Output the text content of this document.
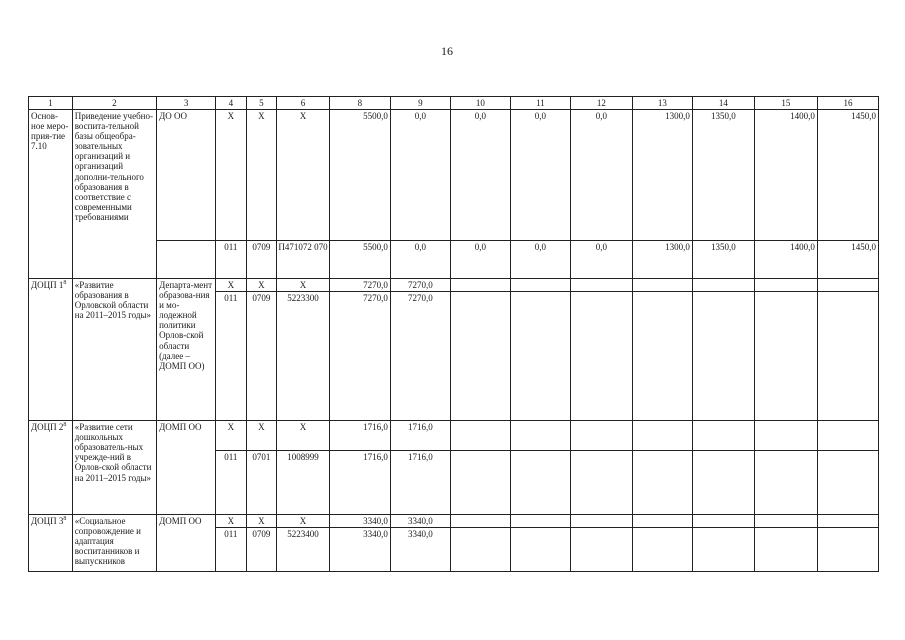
16
1	2	3	4	5	6	8	9	10	11	12	13	14	15	16
Основ-ное меро-прия-тие 7.10	Приведение учебно-воспита-тельной базы общеобра-зовательных организаций и организаций дополни-тельного образования в соответствие с современными требованиями	ДО ОО	Х	Х	Х	5500,0	0,0	0,0	0,0	0,0	1300,0	1350,0	1400,0	1450,0
			011	0709	П471072 070	5500,0	0,0	0,0	0,0	0,0	1300,0	1350,0	1400,0	1450,0
ДОЦП $1^8$	«Развитие образования в Орловской области на 2011–2015 годы»	Департа-мент образова-ния и мо-лодежной политики Орлов-ской области (далее – ДОМП ОО)	Х	Х	Х	7270,0	7270,0							
			011	0709	5223300	7270,0	7270,0							
ДОЦП $2^8$	«Развитие сети дошкольных образователь-ных учрежде-ний в Орлов-ской области на 2011–2015 годы»	ДОМП ОО	Х	Х	Х	1716,0	1716,0							
			011	0701	1008999	1716,0	1716,0							
ДОЦП $3^8$	«Социальное сопровождение и адаптация воспитанников и выпускников	ДОМП ОО	Х	Х	Х	3340,0	3340,0							
			011	0709	5223400	3340,0	3340,0							
